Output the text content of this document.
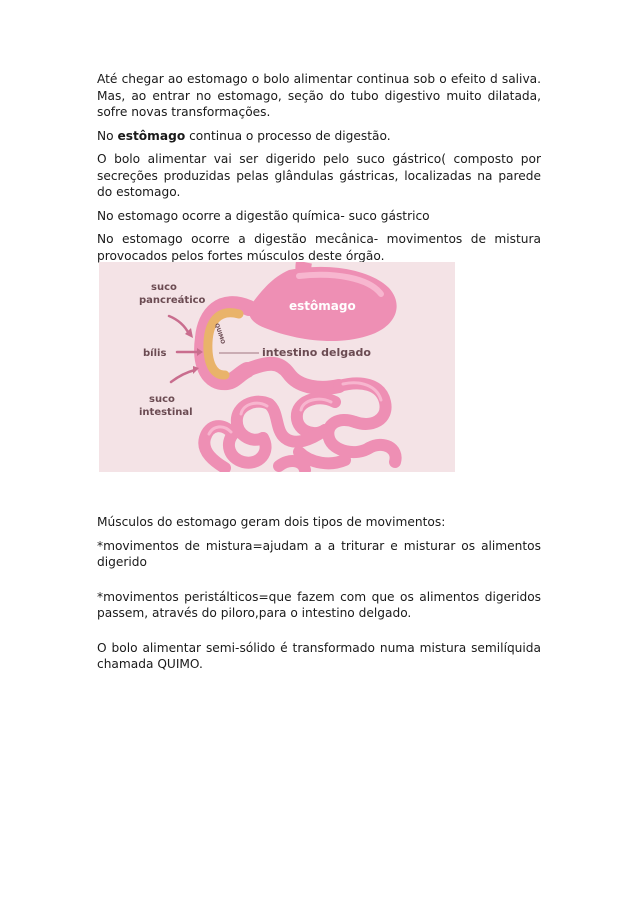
Até chegar ao estomago o bolo alimentar continua sob o efeito d saliva. Mas, ao entrar no estomago, seção do tubo digestivo muito dilatada, sofre novas transformações.

No estômago continua o processo de digestão.

O bolo alimentar vai ser digerido pelo suco gástrico( composto por secreções produzidas pelas glândulas gástricas, localizadas na parede do estomago.

No estomago ocorre a digestão química- suco gástrico

No estomago ocorre a digestão mecânica- movimentos de mistura provocados pelos fortes músculos deste órgão.

suco
pancreático
bílis
suco
intestinal
estômago
intestino delgado
QUIMO

Músculos do estomago geram dois tipos de movimentos:

*movimentos de mistura=ajudam a a triturar e misturar os alimentos digerido

*movimentos peristálticos=que fazem com que os alimentos digeridos passem, através do piloro,para o intestino delgado.

O bolo alimentar semi-sólido é transformado numa mistura semilíquida chamada QUIMO.
